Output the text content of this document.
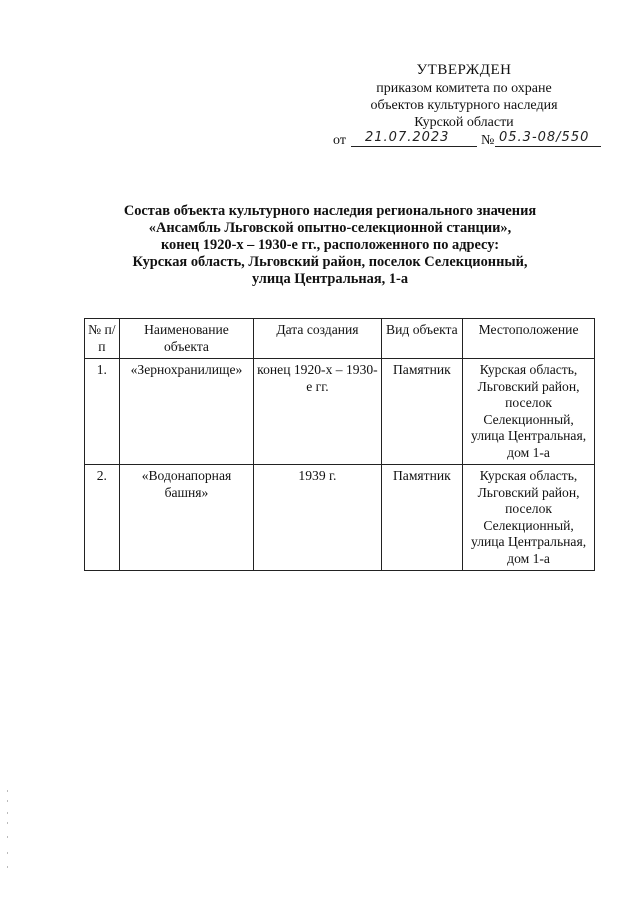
УТВЕРЖДЕН
приказом комитета по охране
объектов культурного наследия
Курской области
от 21.07.2023 № 05.3-08/550
Состав объекта культурного наследия регионального значения
«Ансамбль Льговской опытно-селекционной станции»,
конец 1920-х – 1930-е гг., расположенного по адресу:
Курская область, Льговский район, поселок Селекционный,
улица Центральная, 1-а
№ п/п	Наименование объекта	Дата создания	Вид объекта	Местоположение
1.	«Зернохранилище»	конец 1920-х – 1930-е гг.	Памятник	Курская область, Льговский район, поселок Селекционный, улица Центральная, дом 1-а
2.	«Водонапорная башня»	1939 г.	Памятник	Курская область, Льговский район, поселок Селекционный, улица Центральная, дом 1-а
